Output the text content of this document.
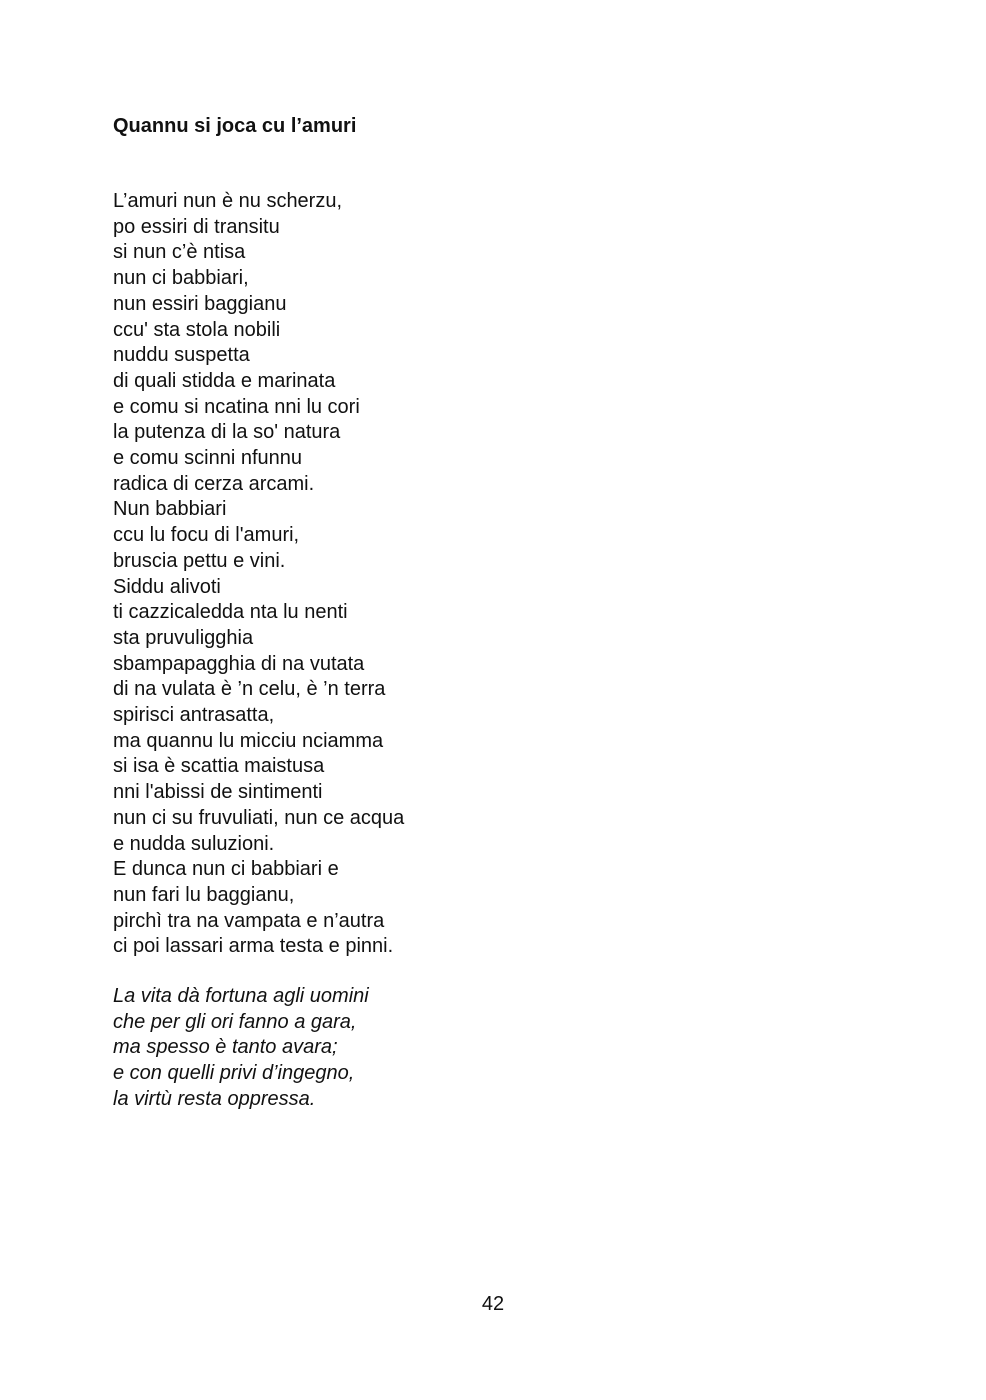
Quannu si joca cu l’amuri
L’amuri nun è nu scherzu,
po essiri di transitu
si nun c’è ntisa
nun ci babbiari,
nun essiri baggianu
ccu' sta stola nobili
nuddu suspetta
di quali stidda e marinata
e comu si ncatina nni lu cori
la putenza di la so' natura
e comu scinni nfunnu
radica di cerza arcami.
Nun babbiari
ccu lu focu di l'amuri,
bruscia pettu e vini.
Siddu alivoti
ti cazzicaledda nta lu nenti
sta pruvuligghia
sbampapagghia di na vutata
di na vulata è ’n celu, è ’n terra
spirisci antrasatta,
ma quannu lu micciu nciamma
si isa è scattia maistusa
nni l'abissi de sintimenti
nun ci su fruvuliati, nun ce acqua
e nudda suluzioni.
E dunca nun ci babbiari e
nun fari lu baggianu,
pirchì tra na vampata e n’autra
ci poi lassari arma testa e pinni.
La vita dà fortuna agli uomini
che per gli ori fanno a gara,
ma spesso è tanto avara;
e con quelli privi d’ingegno,
la virtù resta oppressa.
42
